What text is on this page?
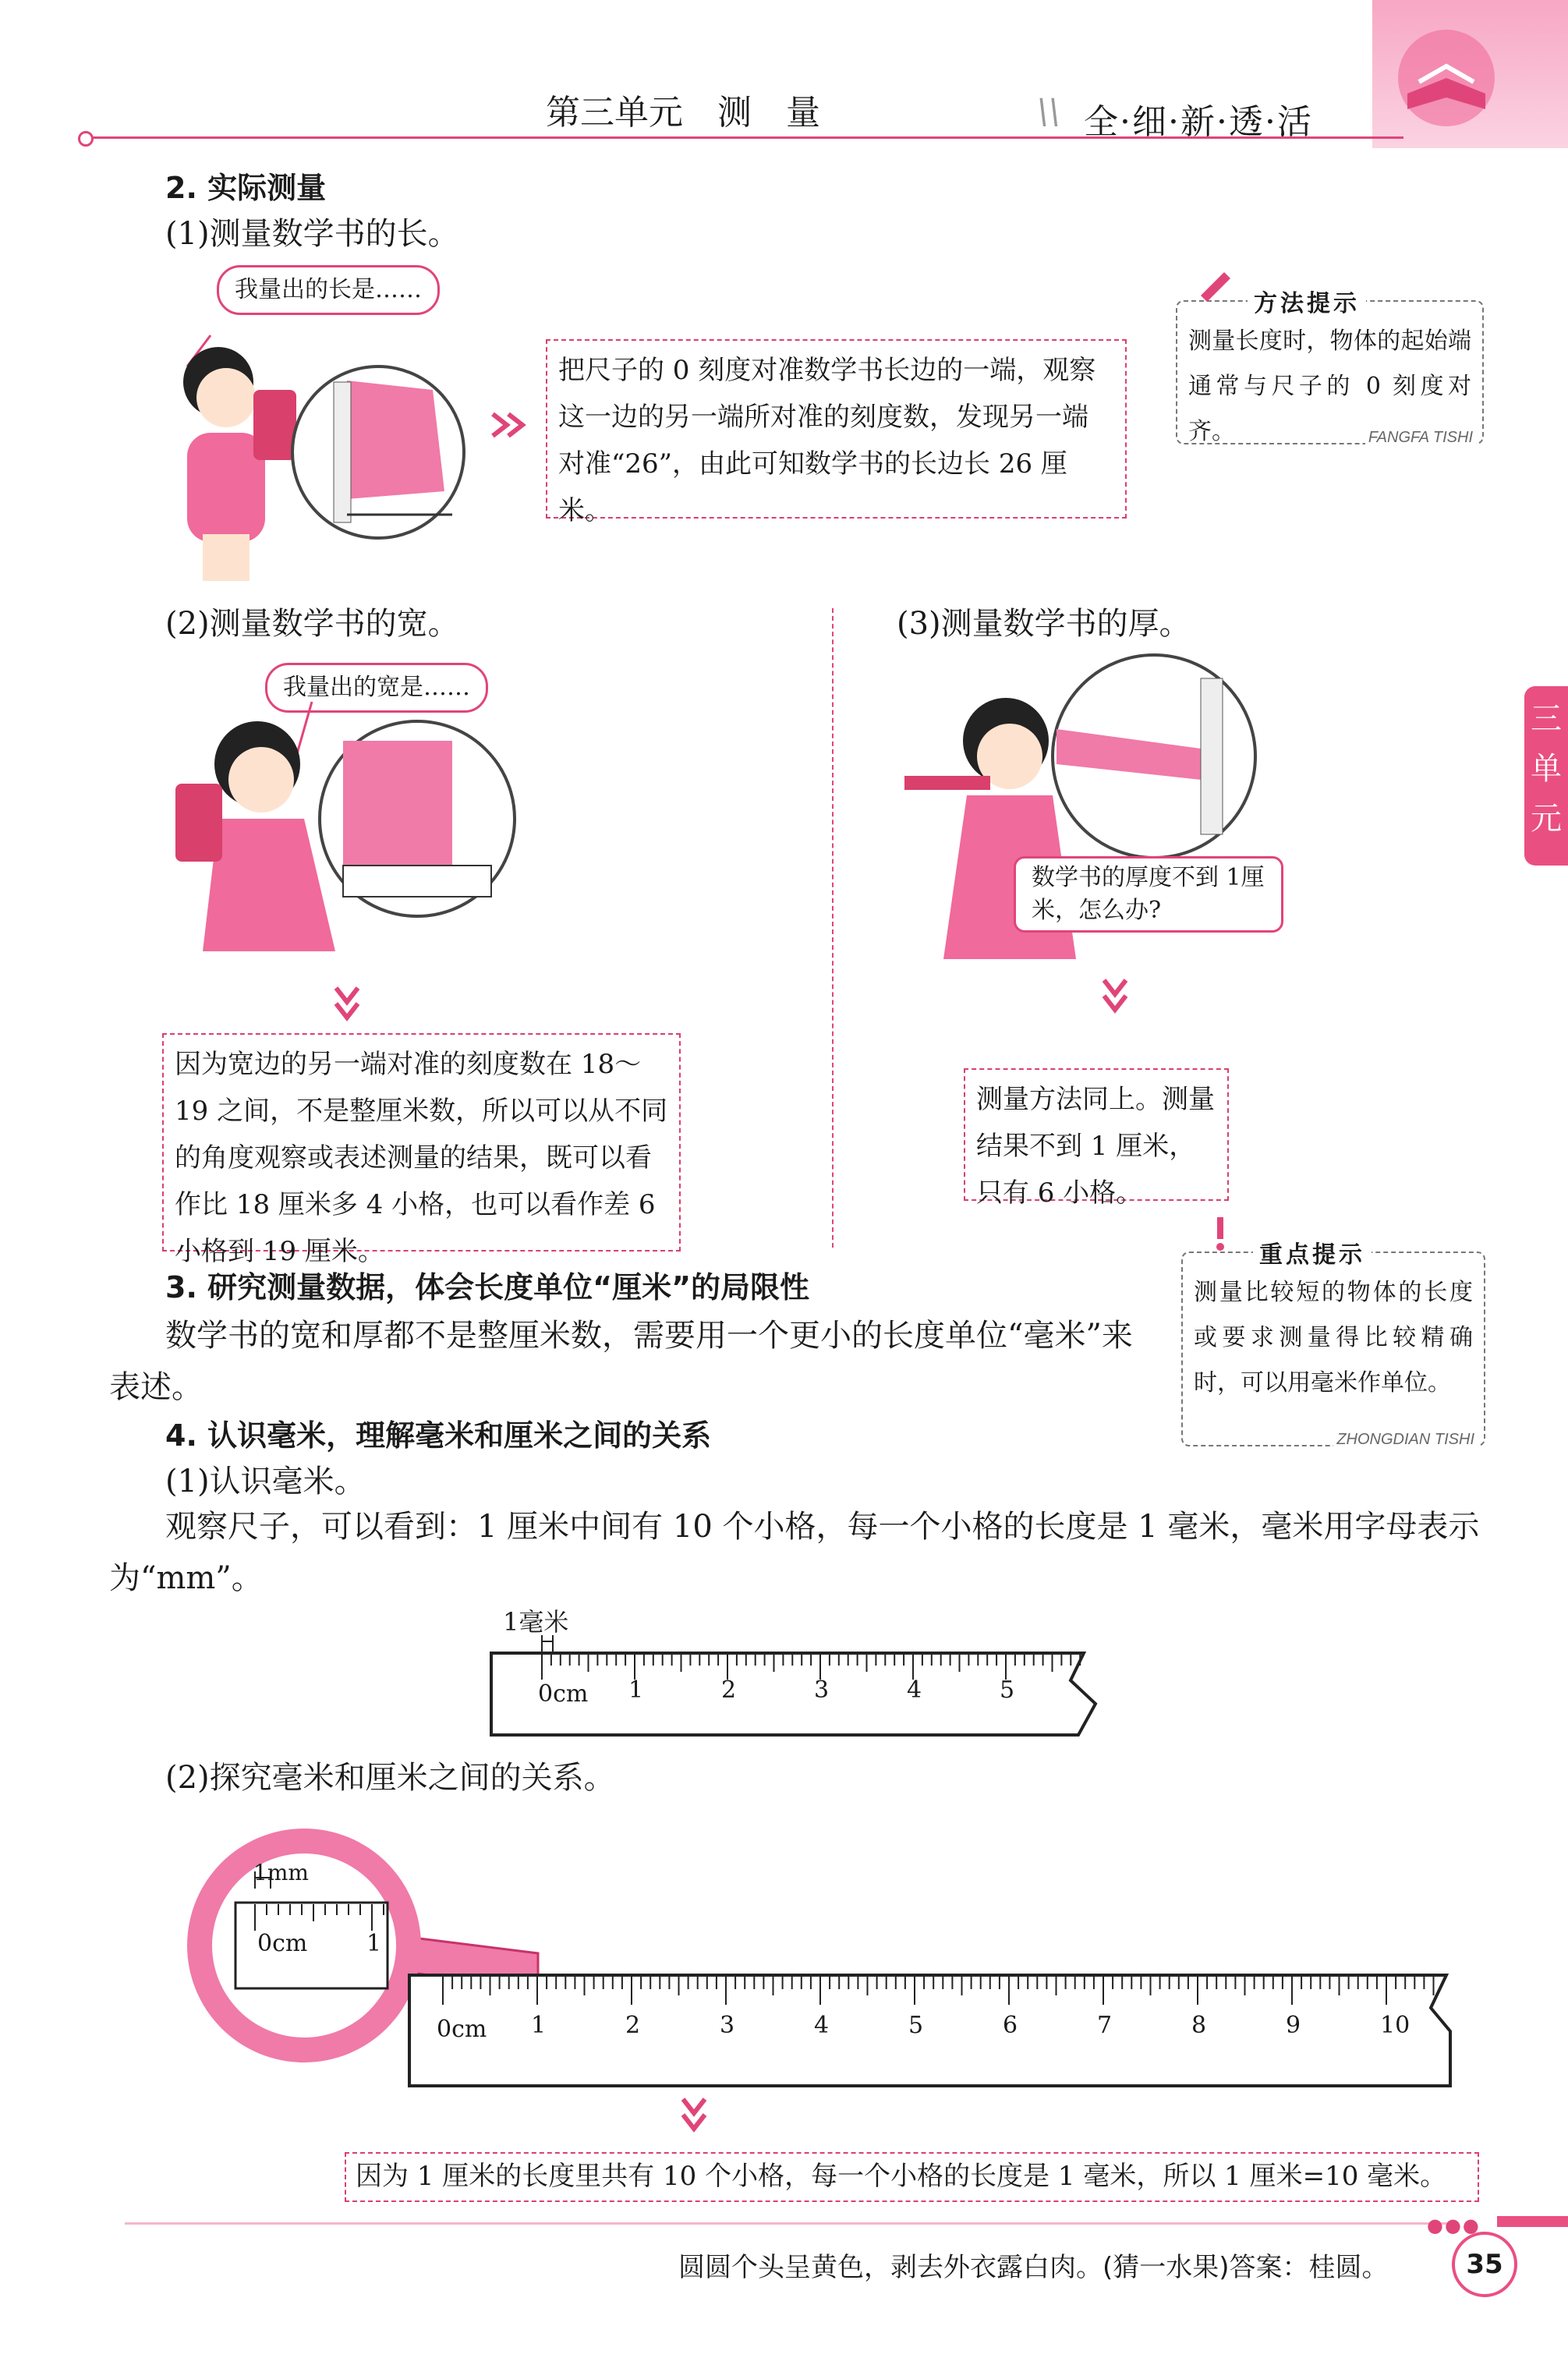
第三单元　测　量	全·细·新·透·活
\\
三单元
2. 实际测量
(1)测量数学书的长。
我量出的长是……
把尺子的 0 刻度对准数学书长边的一端，观察这一边的另一端所对准的刻度数，发现另一端对准“26”，由此可知数学书的长边长 26 厘米。
方法提示
测量长度时，物体的起始端通常与尺子的 0 刻度对齐。	FANGFA TISHI
(2)测量数学书的宽。
我量出的宽是……
因为宽边的另一端对准的刻度数在 18～19 之间，不是整厘米数，所以可以从不同的角度观察或表述测量的结果，既可以看作比 18 厘米多 4 小格，也可以看作差 6 小格到 19 厘米。
(3)测量数学书的厚。
数学书的厚度不到 1厘米，怎么办?
测量方法同上。测量结果不到 1 厘米，只有 6 小格。
3. 研究测量数据，体会长度单位“厘米”的局限性
数学书的宽和厚都不是整厘米数，需要用一个更小的长度单位“毫米”来表述。
重点提示
测量比较短的物体的长度或要求测量得比较精确时，可以用毫米作单位。
ZHONGDIAN TISHI
4. 认识毫米，理解毫米和厘米之间的关系
(1)认识毫米。
观察尺子，可以看到：1 厘米中间有 10 个小格，每一个小格的长度是 1 毫米，毫米用字母表示为“mm”。
1毫米
0cm 1	2	3	4	5
(2)探究毫米和厘米之间的关系。
1mm
0cm	1
0cm 1	2	3	4	5	6	7	8	9	10
因为 1 厘米的长度里共有 10 个小格，每一个小格的长度是 1 毫米，所以 1 厘米=10 毫米。
●●●
圆圆个头呈黄色，剥去外衣露白肉。(猜一水果)答案：桂圆。	35
